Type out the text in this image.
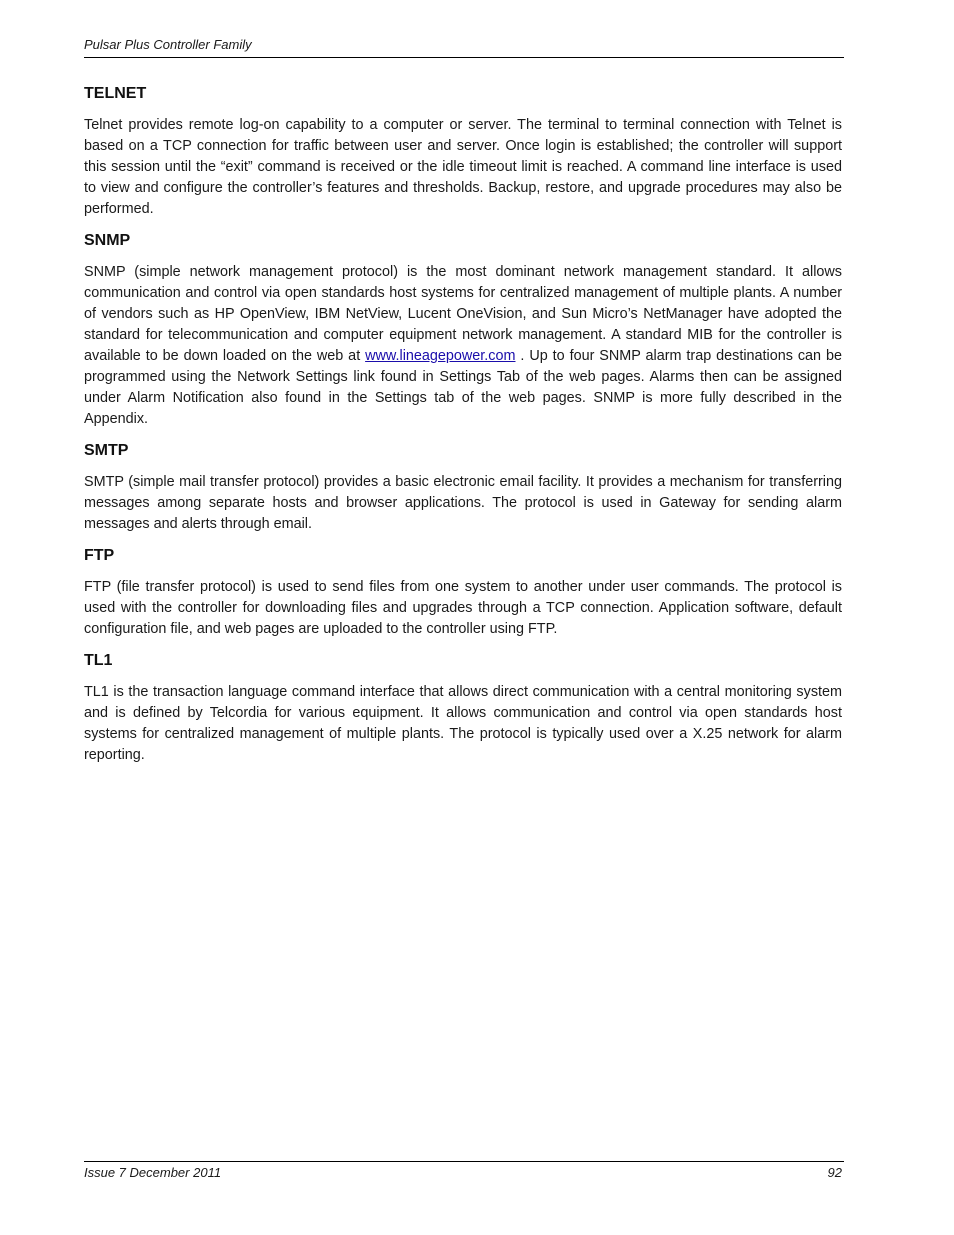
Pulsar Plus Controller Family
TELNET

Telnet provides remote log-on capability to a computer or server. The terminal to terminal connection with Telnet is based on a TCP connection for traffic between user and server. Once login is established; the controller will support this session until the “exit” command is received or the idle timeout limit is reached. A command line interface is used to view and configure the controller’s features and thresholds. Backup, restore, and upgrade procedures may also be performed.

SNMP

SNMP (simple network management protocol) is the most dominant network management standard. It allows communication and control via open standards host systems for centralized management of multiple plants. A number of vendors such as HP OpenView, IBM NetView, Lucent OneVision, and Sun Micro’s NetManager have adopted the standard for telecommunication and computer equipment network management. A standard MIB for the controller is available to be down loaded on the web at www.lineagepower.com . Up to four SNMP alarm trap destinations can be programmed using the Network Settings link found in Settings Tab of the web pages. Alarms then can be assigned under Alarm Notification also found in the Settings tab of the web pages. SNMP is more fully described in the Appendix.

SMTP

SMTP (simple mail transfer protocol) provides a basic electronic email facility. It provides a mechanism for transferring messages among separate hosts and browser applications. The protocol is used in Gateway for sending alarm messages and alerts through email.

FTP

FTP (file transfer protocol) is used to send files from one system to another under user commands. The protocol is used with the controller for downloading files and upgrades through a TCP connection. Application software, default configuration file, and web pages are uploaded to the controller using FTP.

TL1

TL1 is the transaction language command interface that allows direct communication with a central monitoring system and is defined by Telcordia for various equipment. It allows communication and control via open standards host systems for centralized management of multiple plants. The protocol is typically used over a X.25 network for alarm reporting.

Issue 7 December 2011	92
